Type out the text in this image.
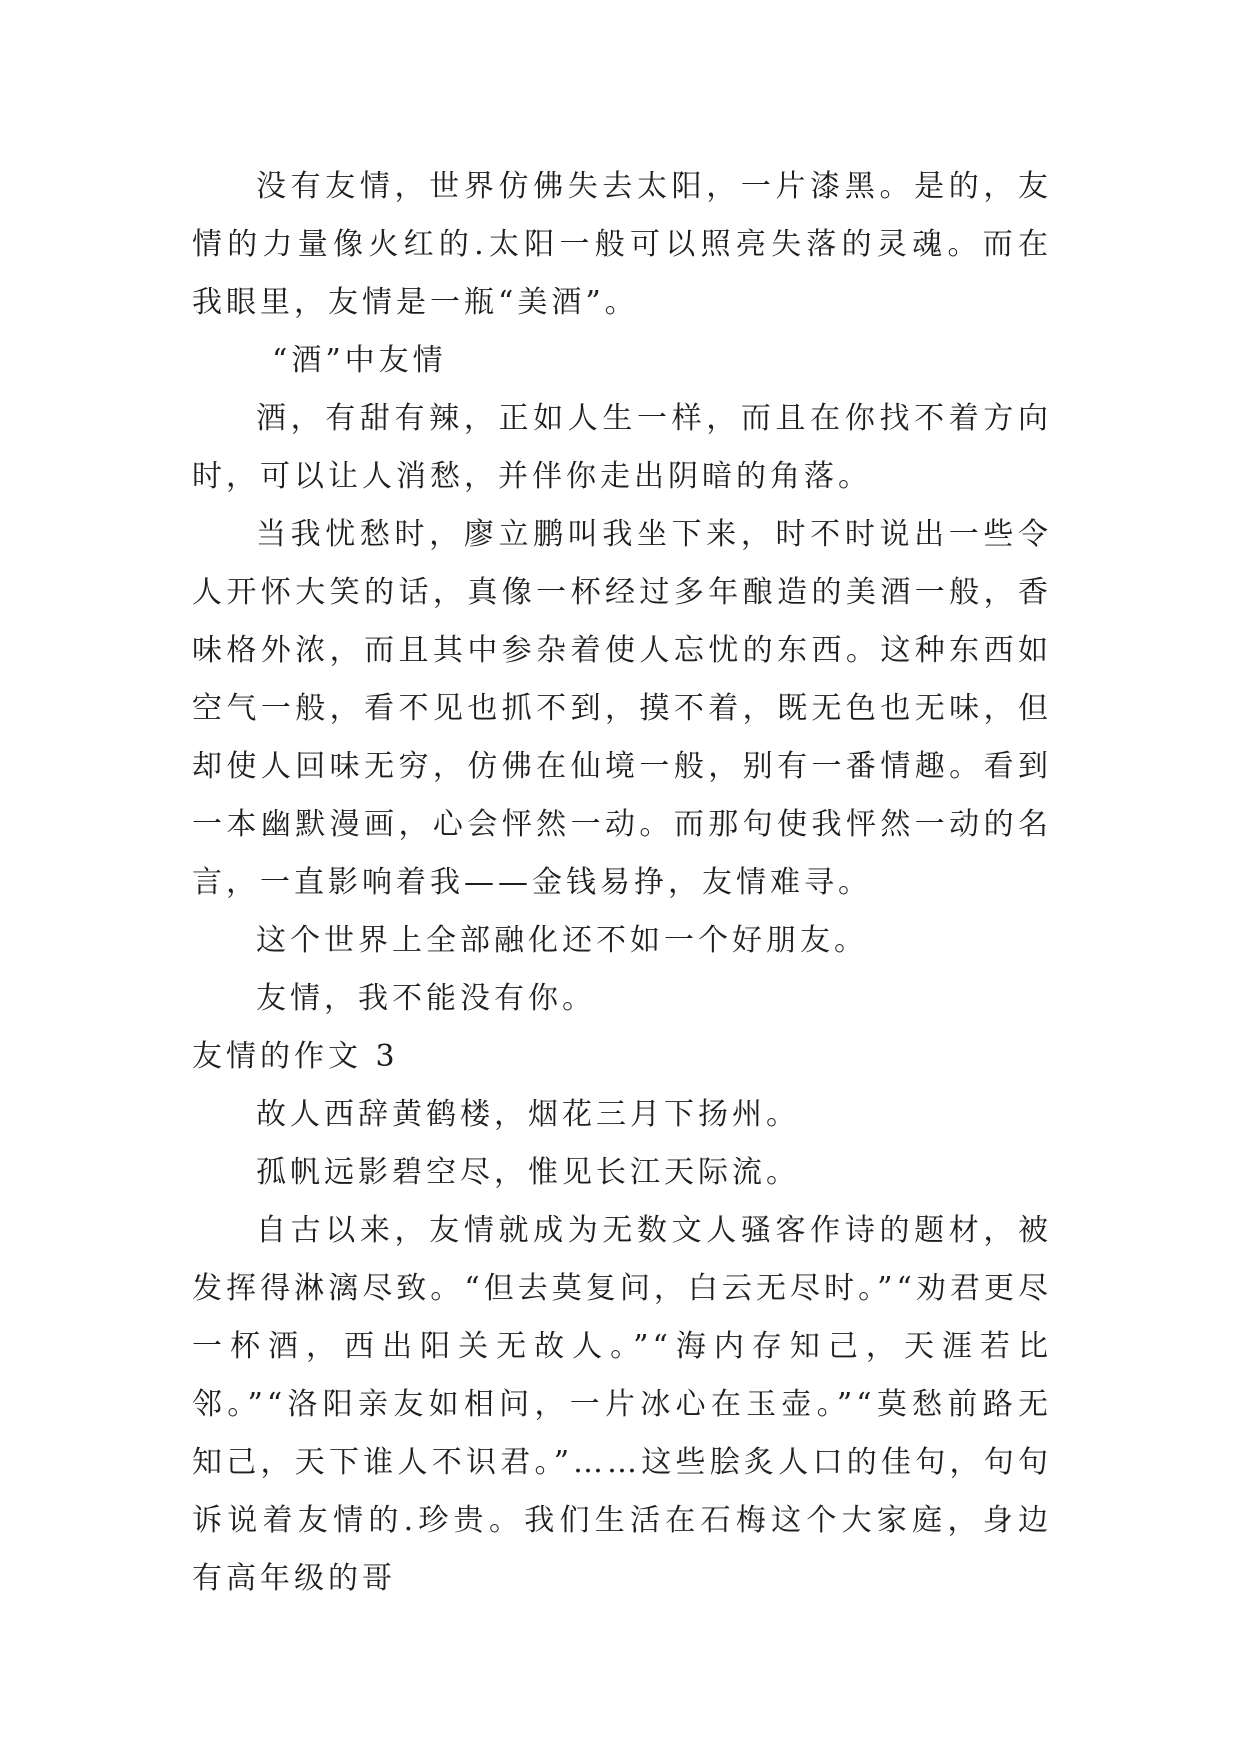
没有友情，世界仿佛失去太阳，一片漆黑。是的，友情的力量像火红的.太阳一般可以照亮失落的灵魂。而在我眼里，友情是一瓶“美酒”。

“酒”中友情

酒，有甜有辣，正如人生一样，而且在你找不着方向时，可以让人消愁，并伴你走出阴暗的角落。

当我忧愁时，廖立鹏叫我坐下来，时不时说出一些令人开怀大笑的话，真像一杯经过多年酿造的美酒一般，香味格外浓，而且其中参杂着使人忘忧的东西。这种东西如空气一般，看不见也抓不到，摸不着，既无色也无味，但却使人回味无穷，仿佛在仙境一般，别有一番情趣。看到一本幽默漫画，心会怦然一动。而那句使我怦然一动的名言，一直影响着我——金钱易挣，友情难寻。

这个世界上全部融化还不如一个好朋友。

友情，我不能没有你。

友情的作文 3

故人西辞黄鹤楼，烟花三月下扬州。

孤帆远影碧空尽，惟见长江天际流。

自古以来，友情就成为无数文人骚客作诗的题材，被发挥得淋漓尽致。“但去莫复问，白云无尽时。”“劝君更尽一杯酒，西出阳关无故人。”“海内存知己，天涯若比邻。”“洛阳亲友如相问，一片冰心在玉壶。”“莫愁前路无知己，天下谁人不识君。”……这些脍炙人口的佳句，句句诉说着友情的.珍贵。我们生活在石梅这个大家庭，身边有高年级的哥
